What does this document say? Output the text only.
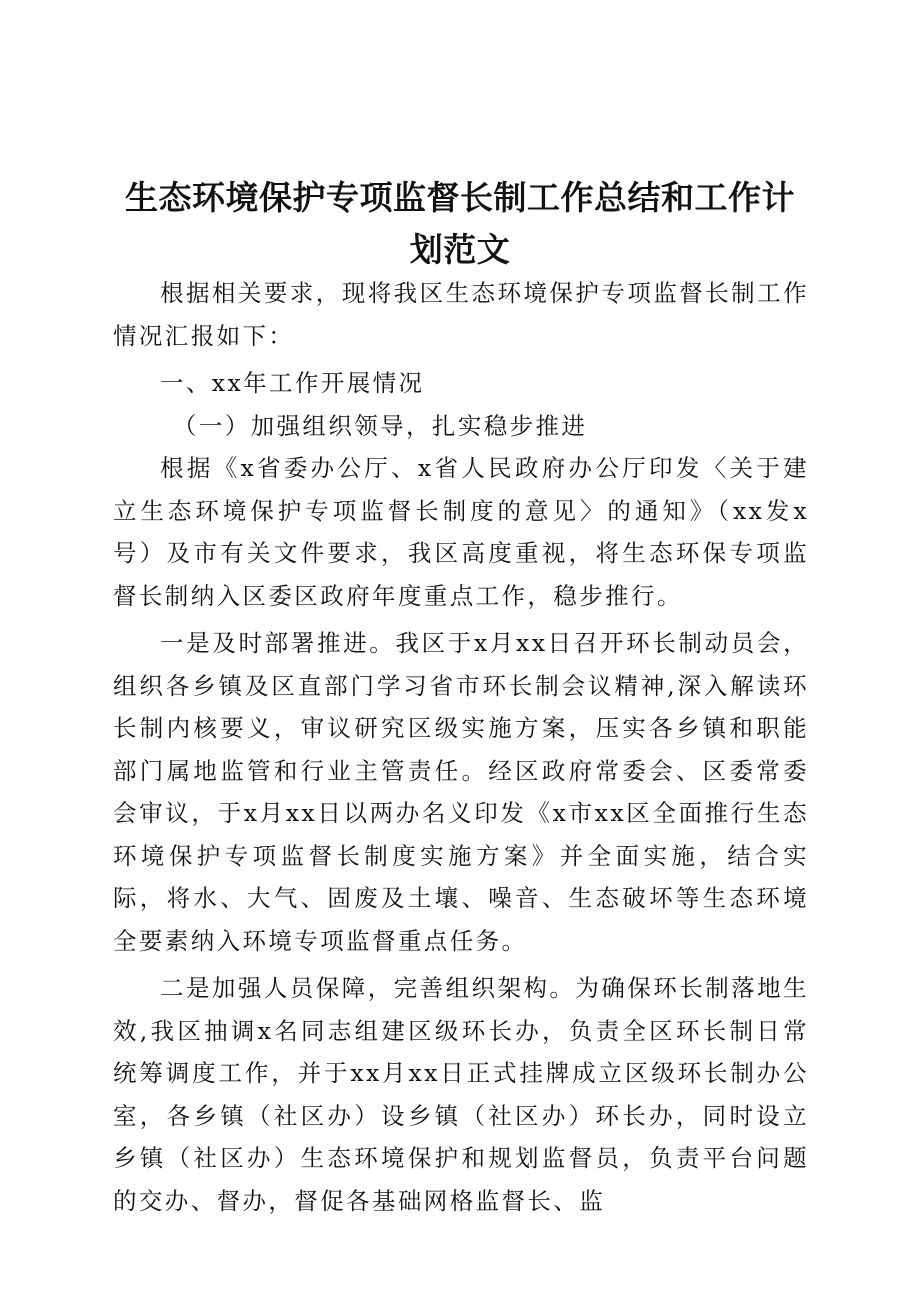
生态环境保护专项监督长制工作总结和工作计
划范文

根据相关要求，现将我区生态环境保护专项监督长制工作情况汇报如下：

一、xx年工作开展情况

（一）加强组织领导，扎实稳步推进

根据《x省委办公厅、x省人民政府办公厅印发〈关于建立生态环境保护专项监督长制度的意见〉的通知》（xx发x号）及市有关文件要求，我区高度重视，将生态环保专项监督长制纳入区委区政府年度重点工作，稳步推行。

一是及时部署推进。我区于x月xx日召开环长制动员会，组织各乡镇及区直部门学习省市环长制会议精神,深入解读环长制内核要义，审议研究区级实施方案，压实各乡镇和职能部门属地监管和行业主管责任。经区政府常委会、区委常委会审议，于x月xx日以两办名义印发《x市xx区全面推行生态环境保护专项监督长制度实施方案》并全面实施，结合实际，将水、大气、固废及土壤、噪音、生态破坏等生态环境全要素纳入环境专项监督重点任务。

二是加强人员保障，完善组织架构。为确保环长制落地生效,我区抽调x名同志组建区级环长办，负责全区环长制日常统筹调度工作，并于xx月xx日正式挂牌成立区级环长制办公室，各乡镇（社区办）设乡镇（社区办）环长办，同时设立乡镇（社区办）生态环境保护和规划监督员，负责平台问题的交办、督办，督促各基础网格监督长、监
